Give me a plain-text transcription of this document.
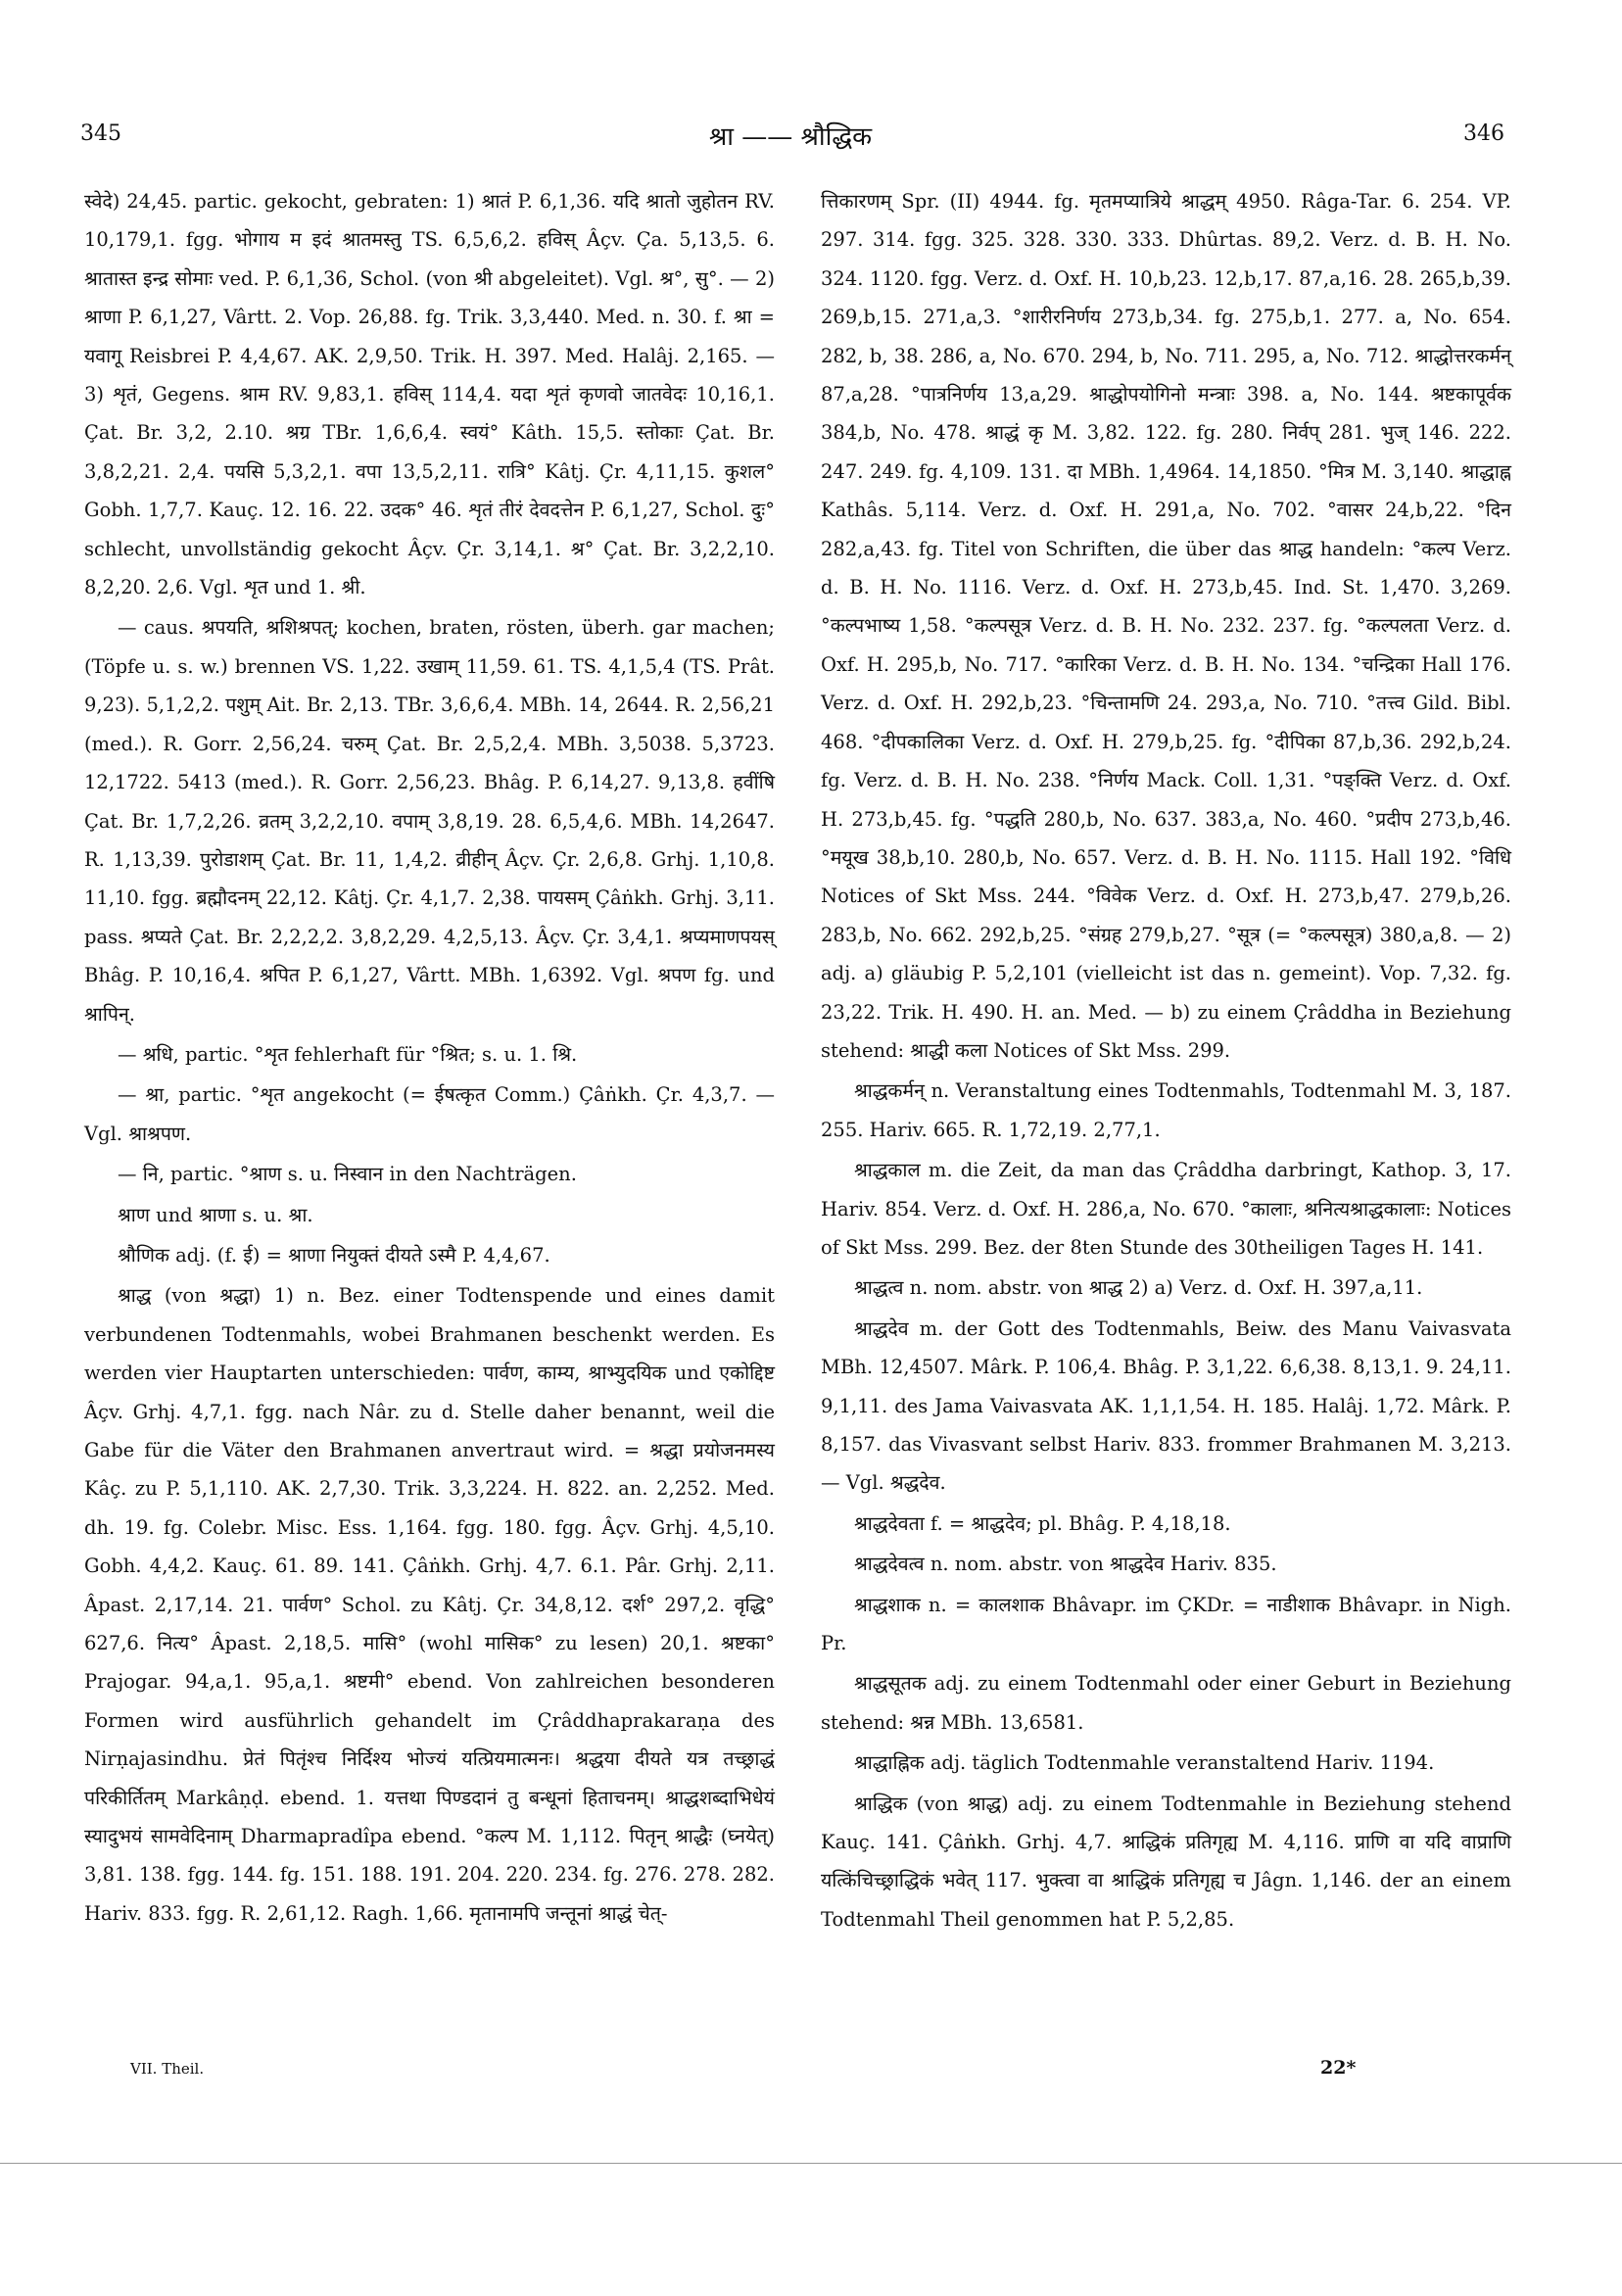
345	श्रा —— श्रौद्धिक	346

स्वेदे) 24,45. partic. gekocht, gebraten: 1) श्रातं P. 6,1,36. यदि श्रातो जुहोतन RV. 10,179,1. fgg. भोगाय म इदं श्रातमस्तु TS. 6,5,6,2. हविस् Âçv. Ça. 5,13,5. 6. श्रातास्त इन्द्र सोमाः ved. P. 6,1,36, Schol. (von श्री abgeleitet). Vgl. श्र°, सु°. — 2) श्राणा P. 6,1,27, Vârtt. 2. Vop. 26,88. fg. Trik. 3,3,440. Med. n. 30. f. श्रा = यवागू Reisbrei P. 4,4,67. AK. 2,9,50. Trik. H. 397. Med. Halâj. 2,165. — 3) शृतं, Gegens. श्राम RV. 9,83,1. हविस् 114,4. यदा शृतं कृणवो जातवेदः 10,16,1. Çat. Br. 3,2, 2.10. श्रग्र TBr. 1,6,6,4. स्वयं° Kâth. 15,5. स्तोकाः Çat. Br. 3,8,2,21. 2,4. पयसि 5,3,2,1. वपा 13,5,2,11. रात्रि° Kâtj. Çr. 4,11,15. कुशल° Gobh. 1,7,7. Kauç. 12. 16. 22. उदक° 46. शृतं तीरं देवदत्तेन P. 6,1,27, Schol. दुः° schlecht, unvollständig gekocht Âçv. Çr. 3,14,1. श्र° Çat. Br. 3,2,2,10. 8,2,20. 2,6. Vgl. शृत und 1. श्री.

— caus. श्रपयति, श्रशिश्रपत्; kochen, braten, rösten, überh. gar machen; (Töpfe u. s. w.) brennen VS. 1,22. उखाम् 11,59. 61. TS. 4,1,5,4 (TS. Prât. 9,23). 5,1,2,2. पशुम् Ait. Br. 2,13. TBr. 3,6,6,4. MBh. 14, 2644. R. 2,56,21 (med.). R. Gorr. 2,56,24. चरुम् Çat. Br. 2,5,2,4. MBh. 3,5038. 5,3723. 12,1722. 5413 (med.). R. Gorr. 2,56,23. Bhâg. P. 6,14,27. 9,13,8. हवींषि Çat. Br. 1,7,2,26. व्रतम् 3,2,2,10. वपाम् 3,8,19. 28. 6,5,4,6. MBh. 14,2647. R. 1,13,39. पुरोडाशम् Çat. Br. 11, 1,4,2. व्रीहीन् Âçv. Çr. 2,6,8. Grhj. 1,10,8. 11,10. fgg. ब्रह्मौदनम् 22,12. Kâtj. Çr. 4,1,7. 2,38. पायसम् Çâṅkh. Grhj. 3,11. pass. श्रप्यते Çat. Br. 2,2,2,2. 3,8,2,29. 4,2,5,13. Âçv. Çr. 3,4,1. श्रप्यमाणपयस् Bhâg. P. 10,16,4. श्रपित P. 6,1,27, Vârtt. MBh. 1,6392. Vgl. श्रपण fg. und श्रापिन्.

— श्रधि, partic. °शृत fehlerhaft für °श्रित; s. u. 1. श्रि.

— श्रा, partic. °शृत angekocht (= ईषत्कृत Comm.) Çâṅkh. Çr. 4,3,7. — Vgl. श्राश्रपण.

— नि, partic. °श्राण s. u. निस्वान in den Nachträgen.

श्राण und श्राणा s. u. श्रा.

श्रौणिक adj. (f. ई) = श्राणा नियुक्तं दीयते ऽस्मै P. 4,4,67.

श्राद्ध (von श्रद्धा) 1) n. Bez. einer Todtenspende und eines damit verbundenen Todtenmahls, wobei Brahmanen beschenkt werden. Es werden vier Hauptarten unterschieden: पार्वण, काम्य, श्राभ्युदयिक und एकोद्दिष्ट Âçv. Grhj. 4,7,1. fgg. nach Nâr. zu d. Stelle daher benannt, weil die Gabe für die Väter den Brahmanen anvertraut wird. = श्रद्धा प्रयोजनमस्य Kâç. zu P. 5,1,110. AK. 2,7,30. Trik. 3,3,224. H. 822. an. 2,252. Med. dh. 19. fg. Colebr. Misc. Ess. 1,164. fgg. 180. fgg. Âçv. Grhj. 4,5,10. Gobh. 4,4,2. Kauç. 61. 89. 141. Çâṅkh. Grhj. 4,7. 6.1. Pâr. Grhj. 2,11. Âpast. 2,17,14. 21. पार्वण° Schol. zu Kâtj. Çr. 34,8,12. दर्श° 297,2. वृद्धि° 627,6. नित्य° Âpast. 2,18,5. मासि° (wohl मासिक° zu lesen) 20,1. श्रष्टका° Prajogar. 94,a,1. 95,a,1. श्रष्टमी° ebend. Von zahlreichen besonderen Formen wird ausführlich gehandelt im Çrâddhaprakaraṇa des Nirṇajasindhu. प्रेतं पितृंश्च निर्दिश्य भोज्यं यत्प्रियमात्मनः। श्रद्धया दीयते यत्र तच्छ्राद्धं परिकीर्तितम् Markâṇḍ. ebend. 1. यत्तथा पिण्डदानं तु बन्धूनां हिताचनम्। श्राद्धशब्दाभिधेयं स्यादुभयं सामवेदिनाम् Dharmapradîpa ebend. °कल्प M. 1,112. पितृन् श्राद्धैः (घ्नयेत्) 3,81. 138. fgg. 144. fg. 151. 188. 191. 204. 220. 234. fg. 276. 278. 282. Hariv. 833. fgg. R. 2,61,12. Ragh. 1,66. मृतानामपि जन्तूनां श्राद्धं चेत्-

त्तिकारणम् Spr. (II) 4944. fg. मृतमप्यात्रिये श्राद्धम् 4950. Râga-Tar. 6. 254. VP. 297. 314. fgg. 325. 328. 330. 333. Dhûrtas. 89,2. Verz. d. B. H. No. 324. 1120. fgg. Verz. d. Oxf. H. 10,b,23. 12,b,17. 87,a,16. 28. 265,b,39. 269,b,15. 271,a,3. °शारीरनिर्णय 273,b,34. fg. 275,b,1. 277. a, No. 654. 282, b, 38. 286, a, No. 670. 294, b, No. 711. 295, a, No. 712. श्राद्धोत्तरकर्मन् 87,a,28. °पात्रनिर्णय 13,a,29. श्राद्धोपयोगिनो मन्त्राः 398. a, No. 144. श्रष्टकापूर्वक 384,b, No. 478. श्राद्धं कृ M. 3,82. 122. fg. 280. निर्वप् 281. भुज् 146. 222. 247. 249. fg. 4,109. 131. दा MBh. 1,4964. 14,1850. °मित्र M. 3,140. श्राद्धाह्न Kathâs. 5,114. Verz. d. Oxf. H. 291,a, No. 702. °वासर 24,b,22. °दिन 282,a,43. fg. Titel von Schriften, die über das श्राद्ध handeln: °कल्प Verz. d. B. H. No. 1116. Verz. d. Oxf. H. 273,b,45. Ind. St. 1,470. 3,269. °कल्पभाष्य 1,58. °कल्पसूत्र Verz. d. B. H. No. 232. 237. fg. °कल्पलता Verz. d. Oxf. H. 295,b, No. 717. °कारिका Verz. d. B. H. No. 134. °चन्द्रिका Hall 176. Verz. d. Oxf. H. 292,b,23. °चिन्तामणि 24. 293,a, No. 710. °तत्त्व Gild. Bibl. 468. °दीपकालिका Verz. d. Oxf. H. 279,b,25. fg. °दीपिका 87,b,36. 292,b,24. fg. Verz. d. B. H. No. 238. °निर्णय Mack. Coll. 1,31. °पङ्क्ति Verz. d. Oxf. H. 273,b,45. fg. °पद्धति 280,b, No. 637. 383,a, No. 460. °प्रदीप 273,b,46. °मयूख 38,b,10. 280,b, No. 657. Verz. d. B. H. No. 1115. Hall 192. °विधि Notices of Skt Mss. 244. °विवेक Verz. d. Oxf. H. 273,b,47. 279,b,26. 283,b, No. 662. 292,b,25. °संग्रह 279,b,27. °सूत्र (= °कल्पसूत्र) 380,a,8. — 2) adj. a) gläubig P. 5,2,101 (vielleicht ist das n. gemeint). Vop. 7,32. fg. 23,22. Trik. H. 490. H. an. Med. — b) zu einem Çrâddha in Beziehung stehend: श्राद्धी कला Notices of Skt Mss. 299.

श्राद्धकर्मन् n. Veranstaltung eines Todtenmahls, Todtenmahl M. 3, 187. 255. Hariv. 665. R. 1,72,19. 2,77,1.

श्राद्धकाल m. die Zeit, da man das Çrâddha darbringt, Kathop. 3, 17. Hariv. 854. Verz. d. Oxf. H. 286,a, No. 670. °कालाः, श्रनित्यश्राद्धकालाः: Notices of Skt Mss. 299. Bez. der 8ten Stunde des 30theiligen Tages H. 141.

श्राद्धत्व n. nom. abstr. von श्राद्ध 2) a) Verz. d. Oxf. H. 397,a,11.

श्राद्धदेव m. der Gott des Todtenmahls, Beiw. des Manu Vaivasvata MBh. 12,4507. Mârk. P. 106,4. Bhâg. P. 3,1,22. 6,6,38. 8,13,1. 9. 24,11. 9,1,11. des Jama Vaivasvata AK. 1,1,1,54. H. 185. Halâj. 1,72. Mârk. P. 8,157. das Vivasvant selbst Hariv. 833. frommer Brahmanen M. 3,213. — Vgl. श्रद्धदेव.

श्राद्धदेवता f. = श्राद्धदेव; pl. Bhâg. P. 4,18,18.

श्राद्धदेवत्व n. nom. abstr. von श्राद्धदेव Hariv. 835.

श्राद्धशाक n. = कालशाक Bhâvapr. im ÇKDr. = नाडीशाक Bhâvapr. in Nigh. Pr.

श्राद्धसूतक adj. zu einem Todtenmahl oder einer Geburt in Beziehung stehend: श्रन्न MBh. 13,6581.

श्राद्धाह्निक adj. täglich Todtenmahle veranstaltend Hariv. 1194.

श्राद्धिक (von श्राद्ध) adj. zu einem Todtenmahle in Beziehung stehend Kauç. 141. Çâṅkh. Grhj. 4,7. श्राद्धिकं प्रतिगृह्य M. 4,116. प्राणि वा यदि वाप्राणि यत्किंचिच्छ्राद्धिकं भवेत् 117. भुक्त्वा वा श्राद्धिकं प्रतिगृह्य च Jâgn. 1,146. der an einem Todtenmahl Theil genommen hat P. 5,2,85.

VII. Theil.	22*
